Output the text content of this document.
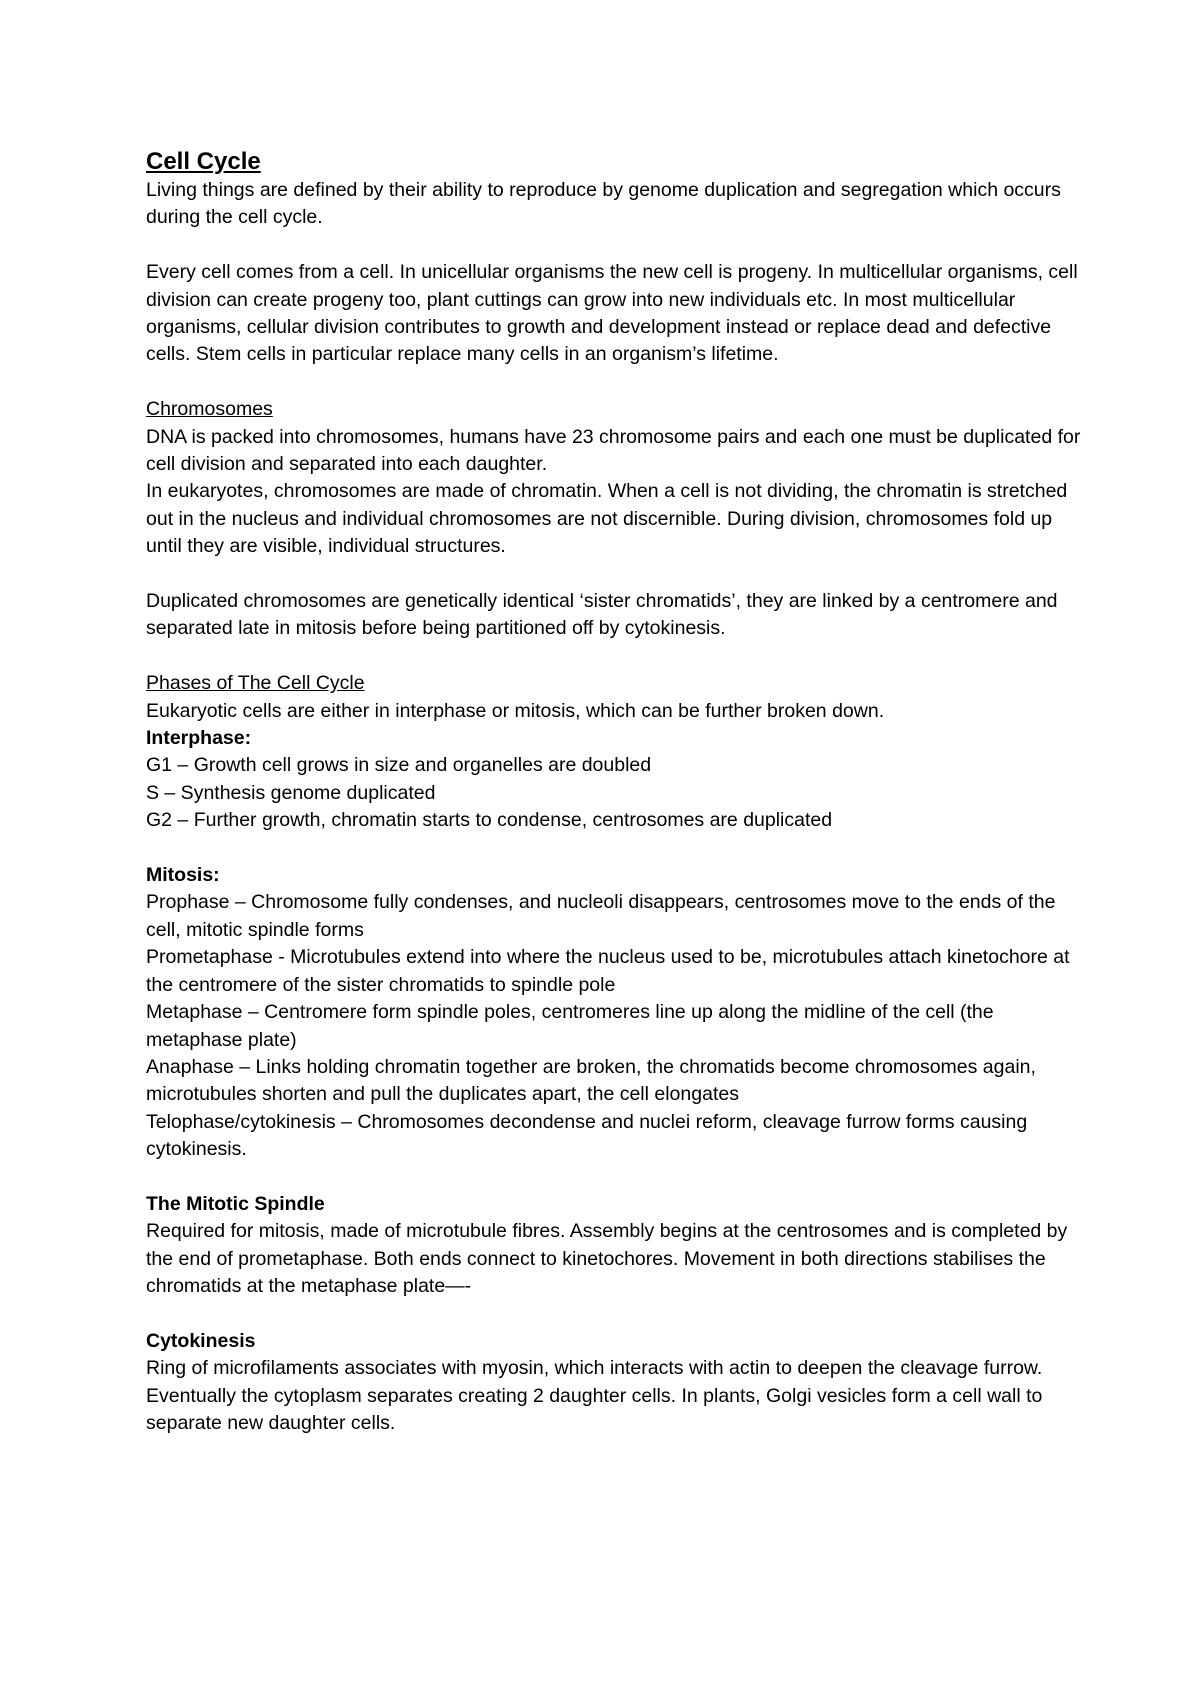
Cell Cycle

Living things are defined by their ability to reproduce by genome duplication and segregation which occurs during the cell cycle.

Every cell comes from a cell. In unicellular organisms the new cell is progeny. In multicellular organisms, cell division can create progeny too, plant cuttings can grow into new individuals etc. In most multicellular organisms, cellular division contributes to growth and development instead or replace dead and defective cells. Stem cells in particular replace many cells in an organism’s lifetime.

Chromosomes

DNA is packed into chromosomes, humans have 23 chromosome pairs and each one must be duplicated for cell division and separated into each daughter.

In eukaryotes, chromosomes are made of chromatin. When a cell is not dividing, the chromatin is stretched out in the nucleus and individual chromosomes are not discernible. During division, chromosomes fold up until they are visible, individual structures.

Duplicated chromosomes are genetically identical ‘sister chromatids’, they are linked by a centromere and separated late in mitosis before being partitioned off by cytokinesis.

Phases of The Cell Cycle

Eukaryotic cells are either in interphase or mitosis, which can be further broken down.

Interphase:

G1 – Growth cell grows in size and organelles are doubled

S – Synthesis genome duplicated

G2 – Further growth, chromatin starts to condense, centrosomes are duplicated

Mitosis:

Prophase – Chromosome fully condenses, and nucleoli disappears, centrosomes move to the ends of the cell, mitotic spindle forms

Prometaphase - Microtubules extend into where the nucleus used to be, microtubules attach kinetochore at the centromere of the sister chromatids to spindle pole

Metaphase – Centromere form spindle poles, centromeres line up along the midline of the cell (the metaphase plate)

Anaphase – Links holding chromatin together are broken, the chromatids become chromosomes again, microtubules shorten and pull the duplicates apart, the cell elongates

Telophase/cytokinesis – Chromosomes decondense and nuclei reform, cleavage furrow forms causing cytokinesis.

The Mitotic Spindle

Required for mitosis, made of microtubule fibres. Assembly begins at the centrosomes and is completed by the end of prometaphase. Both ends connect to kinetochores. Movement in both directions stabilises the chromatids at the metaphase plate—-

Cytokinesis

Ring of microfilaments associates with myosin, which interacts with actin to deepen the cleavage furrow. Eventually the cytoplasm separates creating 2 daughter cells. In plants, Golgi vesicles form a cell wall to separate new daughter cells.
